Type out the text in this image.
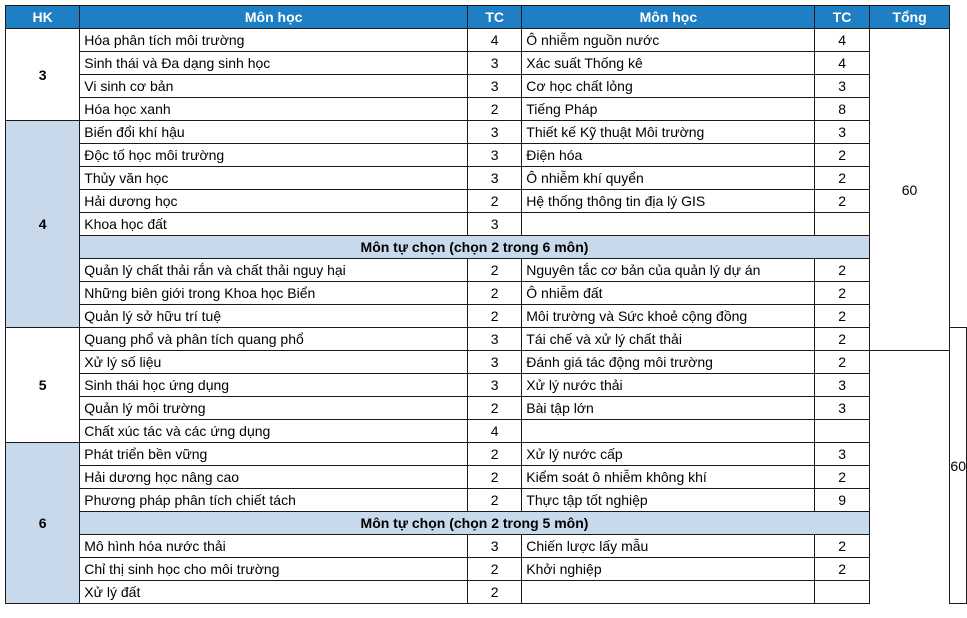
HK	Môn học	TC	Môn học	TC	Tổng	
3	Hóa phân tích môi trường	4	Ô nhiễm nguồn nước	4	60	
	Sinh thái và Đa dạng sinh học	3	Xác suất Thống kê	4		
	Vi sinh cơ bản	3	Cơ học chất lỏng	3		
	Hóa học xanh	2	Tiếng Pháp	8		
4	Biến đổi khí hậu	3	Thiết kế Kỹ thuật Môi trường	3		
	Độc tố học môi trường	3	Điện hóa	2		
	Thủy văn học	3	Ô nhiễm khí quyển	2		
	Hải dương học	2	Hệ thống thông tin địa lý GIS	2		
	Khoa học đất	3				
	Môn tự chọn (chọn 2 trong 6 môn)					
	Quản lý chất thải rắn và chất thải nguy hại	2	Nguyên tắc cơ bản của quản lý dự án	2		
	Những biên giới trong Khoa học Biển	2	Ô nhiễm đất	2		
	Quản lý sở hữu trí tuệ	2	Môi trường và Sức khoẻ cộng đồng	2		
5	Quang phổ và phân tích quang phổ	3	Tái chế và xử lý chất thải	2		60
	Xử lý số liệu	3	Đánh giá tác động môi trường	2		
	Sinh thái học ứng dụng	3	Xử lý nước thải	3		
	Quản lý môi trường	2	Bài tập lớn	3		
	Chất xúc tác và các ứng dụng	4				
6	Phát triển bền vững	2	Xử lý nước cấp	3		
	Hải dương học nâng cao	2	Kiểm soát ô nhiễm không khí	2		
	Phương pháp phân tích chiết tách	2	Thực tập tốt nghiệp	9		
	Môn tự chọn (chọn 2 trong 5 môn)					
	Mô hình hóa nước thải	3	Chiến lược lấy mẫu	2		
	Chỉ thị sinh học cho môi trường	2	Khởi nghiệp	2		
	Xử lý đất	2				
